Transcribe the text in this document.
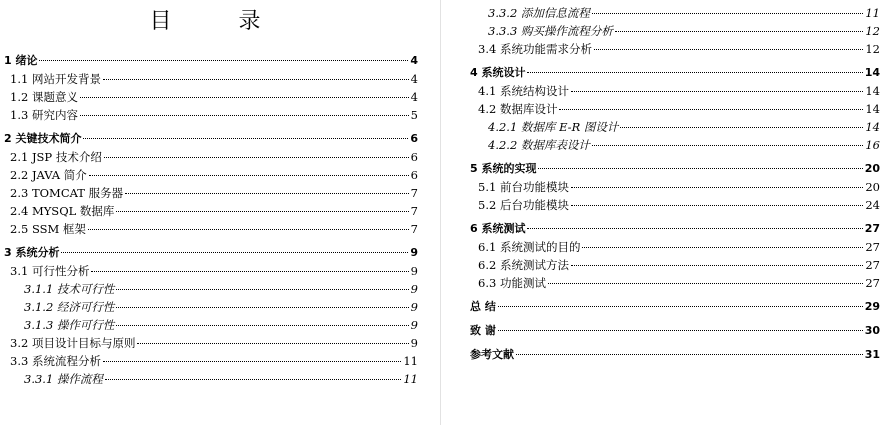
目 录
1 绪论	4
1.1 网站开发背景	4
1.2 课题意义	4
1.3 研究内容	5
2 关键技术简介	6
2.1 JSP 技术介绍	6
2.2 JAVA 简介	6
2.3 TOMCAT 服务器	7
2.4 MYSQL 数据库	7
2.5 SSM 框架	7
3 系统分析	9
3.1 可行性分析	9
3.1.1 技术可行性	9
3.1.2 经济可行性	9
3.1.3 操作可行性	9
3.2 项目设计目标与原则	9
3.3 系统流程分析	11
3.3.1 操作流程	11
3.3.2 添加信息流程	11
3.3.3 购买操作流程分析	12
3.4 系统功能需求分析	12
4 系统设计	14
4.1 系统结构设计	14
4.2 数据库设计	14
4.2.1 数据库 E-R 图设计	14
4.2.2 数据库表设计	16
5 系统的实现	20
5.1 前台功能模块	20
5.2 后台功能模块	24
6 系统测试	27
6.1 系统测试的目的	27
6.2 系统测试方法	27
6.3 功能测试	27
总 结	29
致 谢	30
参考文献	31
